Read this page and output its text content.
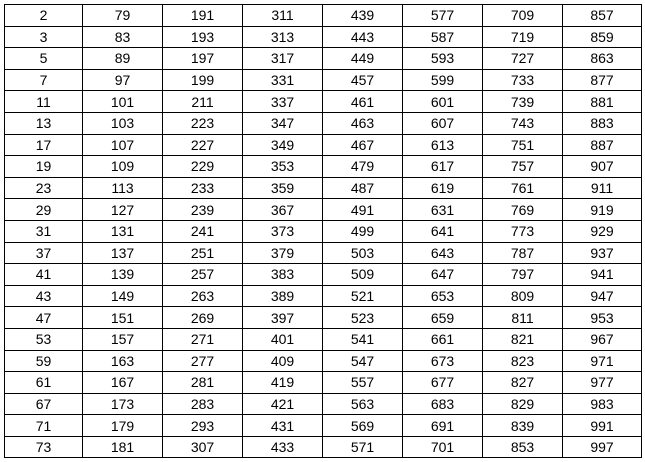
2	79	191	311	439	577	709	857
3	83	193	313	443	587	719	859
5	89	197	317	449	593	727	863
7	97	199	331	457	599	733	877
11	101	211	337	461	601	739	881
13	103	223	347	463	607	743	883
17	107	227	349	467	613	751	887
19	109	229	353	479	617	757	907
23	113	233	359	487	619	761	911
29	127	239	367	491	631	769	919
31	131	241	373	499	641	773	929
37	137	251	379	503	643	787	937
41	139	257	383	509	647	797	941
43	149	263	389	521	653	809	947
47	151	269	397	523	659	811	953
53	157	271	401	541	661	821	967
59	163	277	409	547	673	823	971
61	167	281	419	557	677	827	977
67	173	283	421	563	683	829	983
71	179	293	431	569	691	839	991
73	181	307	433	571	701	853	997
